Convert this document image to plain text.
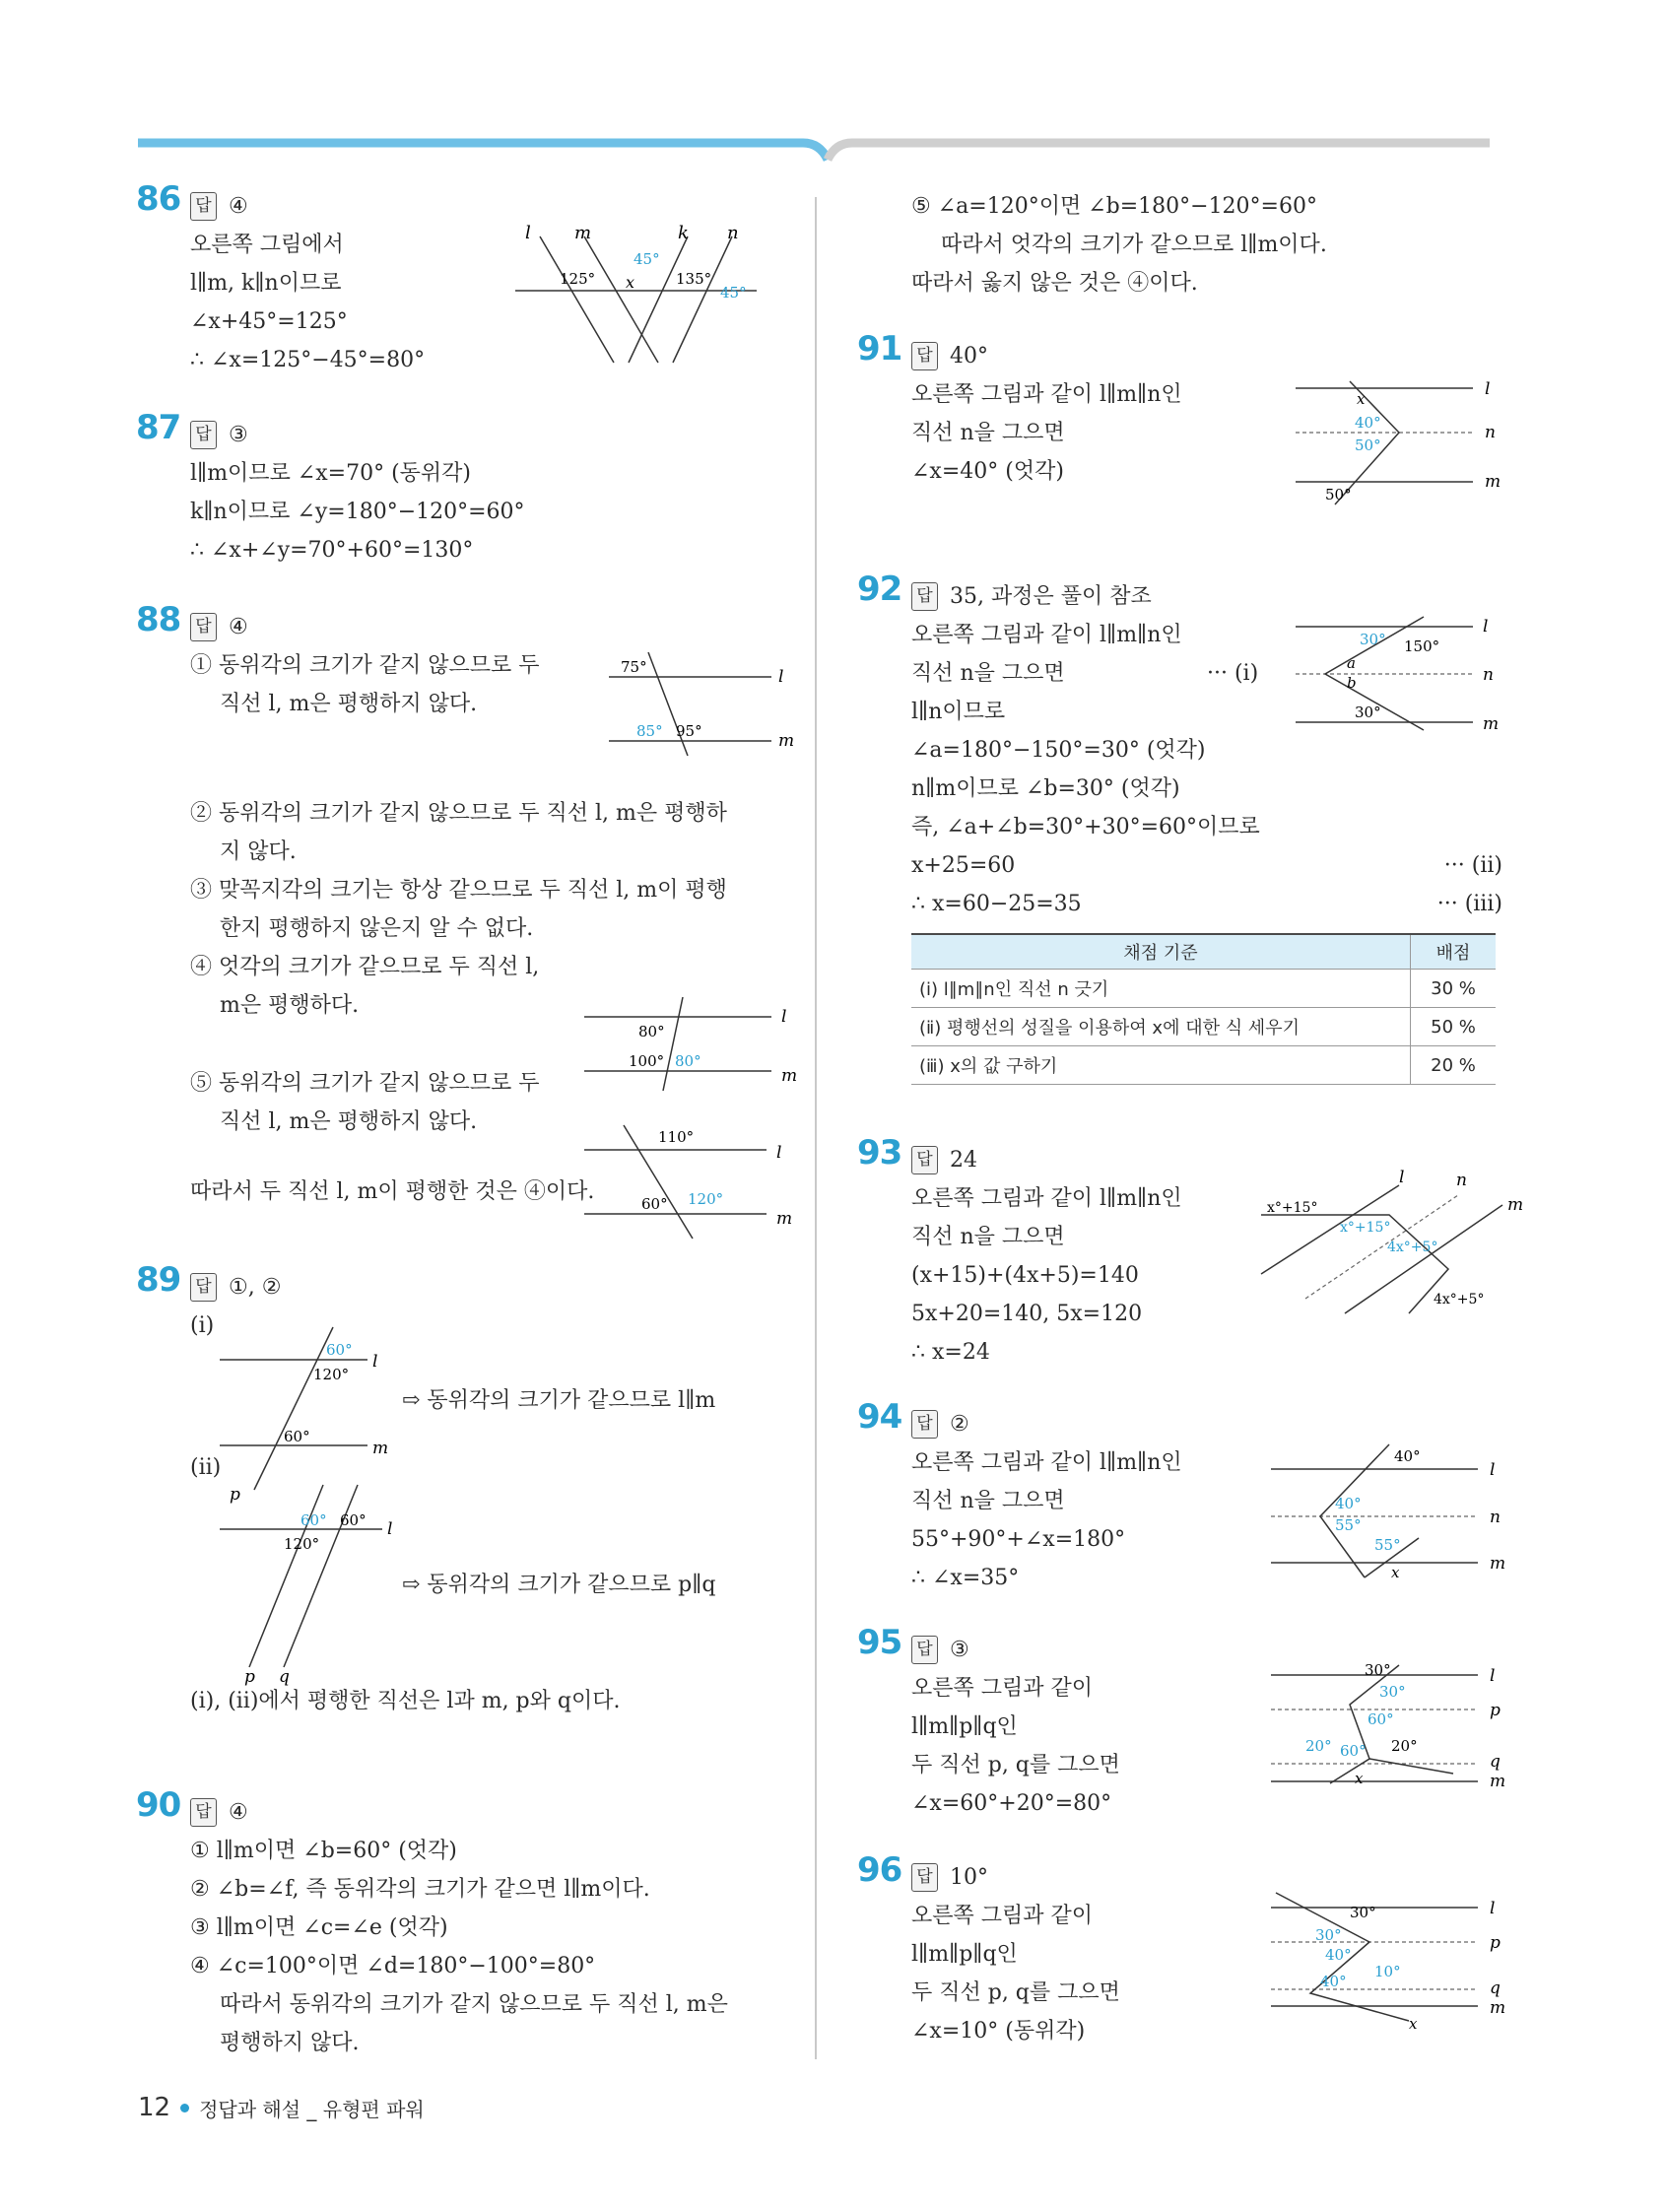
86 답 ④
오른쪽 그림에서
l∥m, k∥n이므로
∠x+45°=125°
∴ ∠x=125°−45°=80°
l m	k n
125°
45°
x	135°
45°
87 답 ③
l∥m이므로 ∠x=70° (동위각)
k∥n이므로 ∠y=180°−120°=60°
∴ ∠x+∠y=70°+60°=130°
88 답 ④
① 동위각의 크기가 같지 않으므로 두
직선 l, m은 평행하지 않다.
75°
85° 95°
l
m
② 동위각의 크기가 같지 않으므로 두 직선 l, m은 평행하
지 않다.
③ 맞꼭지각의 크기는 항상 같으므로 두 직선 l, m이 평행
한지 평행하지 않은지 알 수 없다.
④ 엇각의 크기가 같으므로 두 직선 l,
m은 평행하다.
80°
100° 80°
l
m
⑤ 동위각의 크기가 같지 않으므로 두
직선 l, m은 평행하지 않다.
110°
60° 120°
l
m
따라서 두 직선 l, m이 평행한 것은 ④이다.
89 답 ①, ②
(ⅰ)
60°
120°
60°
l
m
p
⇨ 동위각의 크기가 같으므로 l∥m
(ⅱ)
60° 60°
120°
l
p q
⇨ 동위각의 크기가 같으므로 p∥q
(ⅰ), (ⅱ)에서 평행한 직선은 l과 m, p와 q이다.
90 답 ④
① l∥m이면 ∠b=60° (엇각)
② ∠b=∠f, 즉 동위각의 크기가 같으면 l∥m이다.
③ l∥m이면 ∠c=∠e (엇각)
④ ∠c=100°이면 ∠d=180°−100°=80°
따라서 동위각의 크기가 같지 않으므로 두 직선 l, m은
평행하지 않다.
⑤ ∠a=120°이면 ∠b=180°−120°=60°
따라서 엇각의 크기가 같으므로 l∥m이다.
따라서 옳지 않은 것은 ④이다.
91 답 40°
오른쪽 그림과 같이 l∥m∥n인
직선 n을 그으면
∠x=40° (엇각)
x
40°
50°
50°
l
n
m
92 답 35, 과정은 풀이 참조
오른쪽 그림과 같이 l∥m∥n인
직선 n을 그으면	··· (ⅰ)
l∥n이므로
∠a=180°−150°=30° (엇각)
n∥m이므로 ∠b=30° (엇각)
즉, ∠a+∠b=30°+30°=60°이므로
x+25=60	··· (ⅱ)
∴ x=60−25=35	··· (ⅲ)
30° 150°
a
b
30°
l
n
m
채점 기준	배점
(ⅰ) l∥m∥n인 직선 n 긋기	30 %
(ⅱ) 평행선의 성질을 이용하여 x에 대한 식 세우기	50 %
(ⅲ) x의 값 구하기	20 %
93 답 24
오른쪽 그림과 같이 l∥m∥n인
직선 n을 그으면
(x+15)+(4x+5)=140
5x+20=140, 5x=120
∴ x=24
l	n
m
x°+15°
x°+15°
4x°+5°
4x°+5°
94 답 ②
오른쪽 그림과 같이 l∥m∥n인
직선 n을 그으면
55°+90°+∠x=180°
∴ ∠x=35°
40°
40°
55°
55°
x
l
n
m
95 답 ③
오른쪽 그림과 같이
l∥m∥p∥q인
두 직선 p, q를 그으면
∠x=60°+20°=80°
30°
30°
60°
60°
20°	20°
x
l
p
q
m
96 답 10°
오른쪽 그림과 같이
l∥m∥p∥q인
두 직선 p, q를 그으면
∠x=10° (동위각)
30°
30°
40°
40°
10°
x
l
p
q
m
12 정답과 해설 _ 유형편 파워
